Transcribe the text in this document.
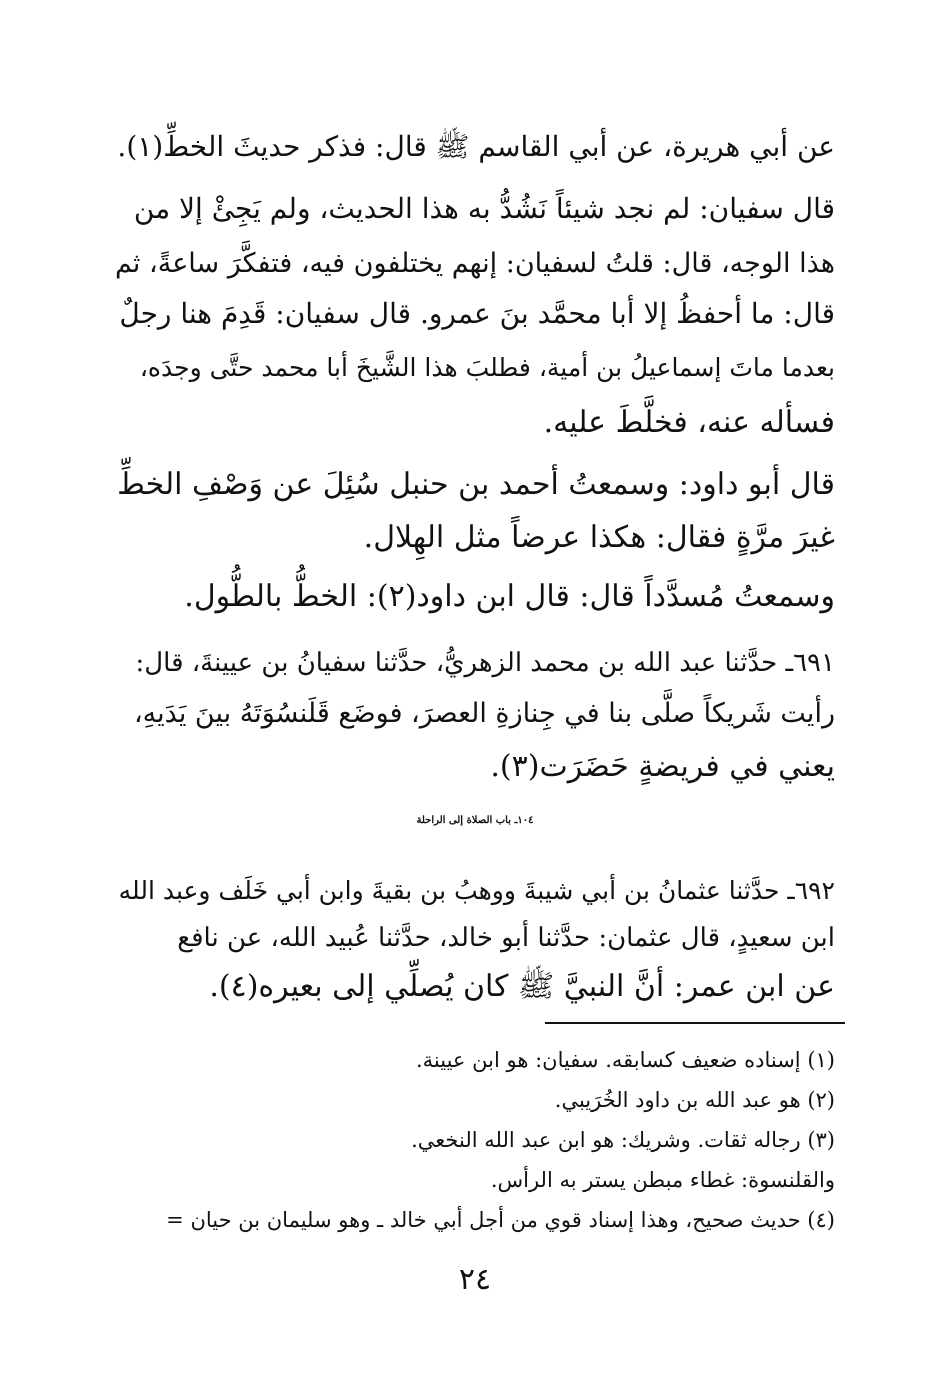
عن أبي هريرة، عن أبي القاسم ﷺ قال: فذكر حديثَ الخطِّ(١).
قال سفيان: لم نجد شيئاً نَشُدُّ به هذا الحديث، ولم يَجِئْ إلا من
هذا الوجه، قال: قلتُ لسفيان: إنهم يختلفون فيه، فتفكَّرَ ساعةً، ثم
قال: ما أحفظُ إلا أبا محمَّد بنَ عمرو. قال سفيان: قَدِمَ هنا رجلٌ
بعدما ماتَ إسماعيلُ بن أمية، فطلبَ هذا الشَّيخَ أبا محمد حتَّى وجدَه،
فسأله عنه، فخلَّطَ عليه.
قال أبو داود: وسمعتُ أحمد بن حنبل سُئِلَ عن وَصْفِ الخطِّ
غيرَ مرَّةٍ فقال: هكذا عرضاً مثل الهِلال.
وسمعتُ مُسدَّداً قال: قال ابن داود(٢): الخطُّ بالطُّول.
٦٩١ـ حدَّثنا عبد الله بن محمد الزهريُّ، حدَّثنا سفيانُ بن عيينةَ، قال:
رأيت شَريكاً صلَّى بنا في جِنازةِ العصرَ، فوضَع قَلَنسُوَتَهُ بينَ يَدَيهِ،
يعني في فريضةٍ حَضَرَت(٣).
١٠٤ـ باب الصلاة إلى الراحلة
٦٩٢ـ حدَّثنا عثمانُ بن أبي شيبةَ ووهبُ بن بقيةَ وابن أبي خَلَف وعبد الله
ابن سعيدٍ، قال عثمان: حدَّثنا أبو خالد، حدَّثنا عُبيد الله، عن نافع
عن ابن عمر: أنَّ النبيَّ ﷺ كان يُصلِّي إلى بعيره(٤).
(١) إسناده ضعيف كسابقه. سفيان: هو ابن عيينة.
(٢) هو عبد الله بن داود الخُرَيبي.
(٣) رجاله ثقات. وشريك: هو ابن عبد الله النخعي.
والقلنسوة: غطاء مبطن يستر به الرأس.
(٤) حديث صحيح، وهذا إسناد قوي من أجل أبي خالد ـ وهو سليمان بن حيان =
٢٤
